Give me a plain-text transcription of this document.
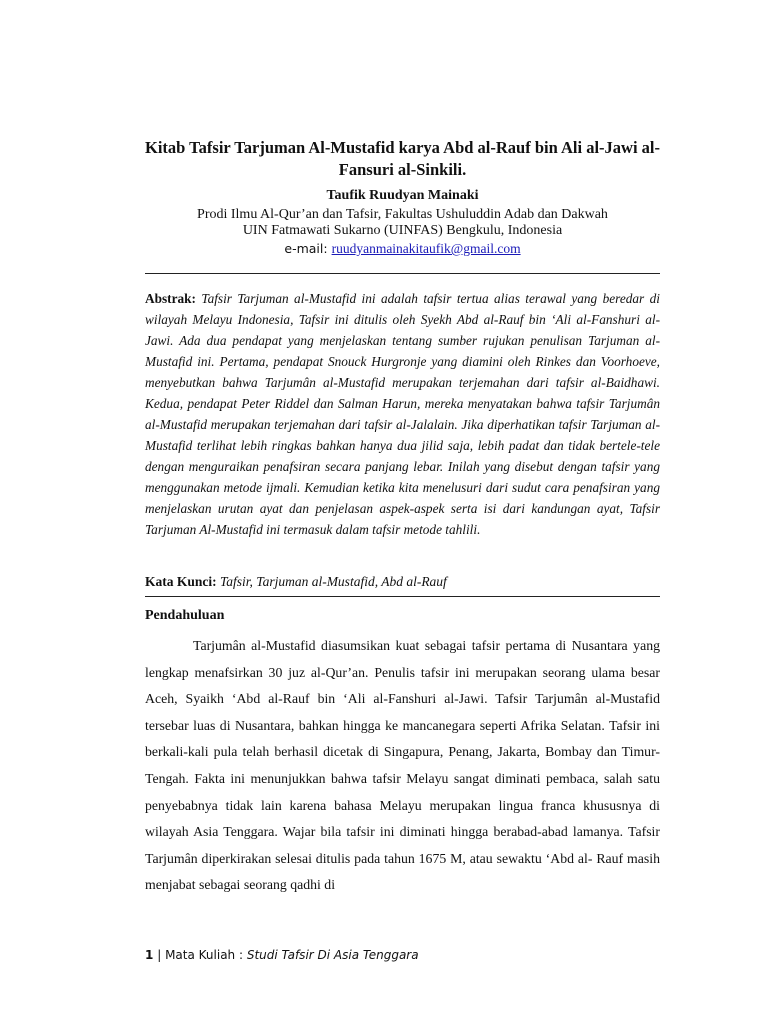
Kitab Tafsir Tarjuman Al-Mustafid karya Abd al-Rauf bin Ali al-Jawi al-Fansuri al-Sinkili.
Taufik Ruudyan Mainaki
Prodi Ilmu Al-Qur’an dan Tafsir, Fakultas Ushuluddin Adab dan Dakwah
UIN Fatmawati Sukarno (UINFAS) Bengkulu, Indonesia
e-mail: ruudyanmainakitaufik@gmail.com
Abstrak: Tafsir Tarjuman al-Mustafid ini adalah tafsir tertua alias terawal yang beredar di wilayah Melayu Indonesia, Tafsir ini ditulis oleh Syekh Abd al-Rauf bin ‘Ali al-Fanshuri al-Jawi. Ada dua pendapat yang menjelaskan tentang sumber rujukan penulisan Tarjuman al-Mustafid ini. Pertama, pendapat Snouck Hurgronje yang diamini oleh Rinkes dan Voorhoeve, menyebutkan bahwa Tarjumân al-Mustafid merupakan terjemahan dari tafsir al-Baidhawi. Kedua, pendapat Peter Riddel dan Salman Harun, mereka menyatakan bahwa tafsir Tarjumân al-Mustafid merupakan terjemahan dari tafsir al-Jalalain. Jika diperhatikan tafsir Tarjuman al-Mustafid terlihat lebih ringkas bahkan hanya dua jilid saja, lebih padat dan tidak bertele-tele dengan menguraikan penafsiran secara panjang lebar. Inilah yang disebut dengan tafsir yang menggunakan metode ijmali. Kemudian ketika kita menelusuri dari sudut cara penafsiran yang menjelaskan urutan ayat dan penjelasan aspek-aspek serta isi dari kandungan ayat, Tafsir Tarjuman Al-Mustafid ini termasuk dalam tafsir metode tahlili.
Kata Kunci: Tafsir, Tarjuman al-Mustafid, Abd al-Rauf
Pendahuluan

Tarjumân al-Mustafid diasumsikan kuat sebagai tafsir pertama di Nusantara yang lengkap menafsirkan 30 juz al-Qur’an. Penulis tafsir ini merupakan seorang ulama besar Aceh, Syaikh ‘Abd al-Rauf bin ‘Ali al-Fanshuri al-Jawi. Tafsir Tarjumân al-Mustafid tersebar luas di Nusantara, bahkan hingga ke mancanegara seperti Afrika Selatan. Tafsir ini berkali-kali pula telah berhasil dicetak di Singapura, Penang, Jakarta, Bombay dan Timur-Tengah. Fakta ini menunjukkan bahwa tafsir Melayu sangat diminati pembaca, salah satu penyebabnya tidak lain karena bahasa Melayu merupakan lingua franca khususnya di wilayah Asia Tenggara. Wajar bila tafsir ini diminati hingga berabad-abad lamanya. Tafsir Tarjumân diperkirakan selesai ditulis pada tahun 1675 M, atau sewaktu ‘Abd al- Rauf masih menjabat sebagai seorang qadhi di

1 | Mata Kuliah : Studi Tafsir Di Asia Tenggara
